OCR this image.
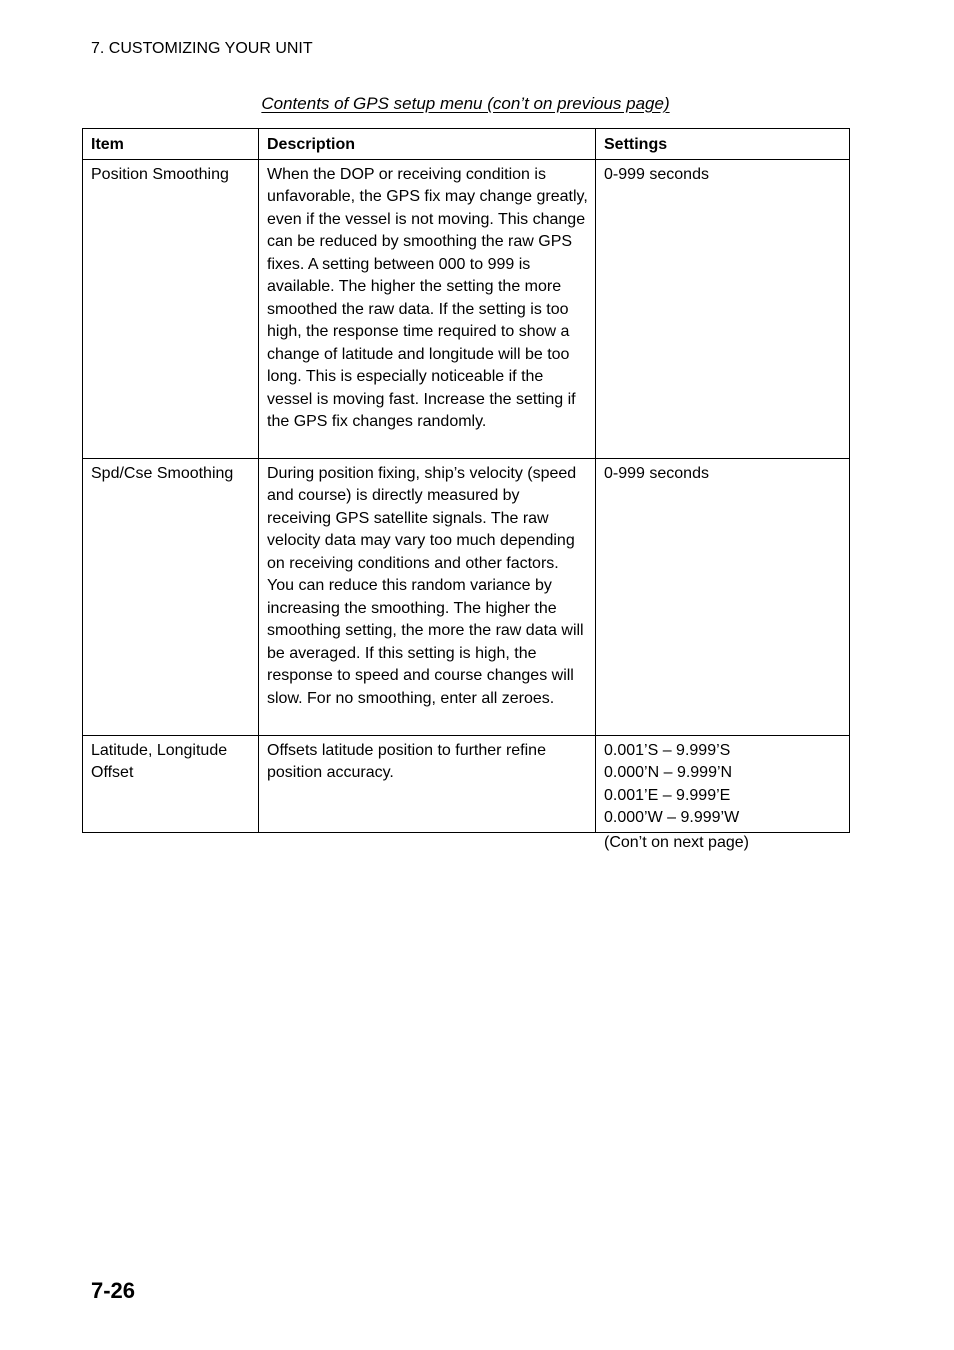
7. CUSTOMIZING YOUR UNIT
Contents of GPS setup menu (con’t on previous page)
Item	Description	Settings
Position Smoothing	When the DOP or receiving condition is unfavorable, the GPS fix may change greatly, even if the vessel is not moving. This change can be reduced by smoothing the raw GPS fixes. A setting between 000 to 999 is available. The higher the setting the more smoothed the raw data. If the setting is too high, the response time required to show a change of latitude and longitude will be too long. This is especially noticeable if the vessel is moving fast. Increase the setting if the GPS fix changes randomly.	0-999 seconds

Spd/Cse Smoothing	During position fixing, ship’s velocity (speed and course) is directly measured by receiving GPS satellite signals. The raw velocity data may vary too much depending on receiving conditions and other factors. You can reduce this random variance by increasing the smoothing. The higher the smoothing setting, the more the raw data will be averaged. If this setting is high, the response to speed and course changes will slow. For no smoothing, enter all zeroes.	0-999 seconds

Latitude, Longitude Offset	Offsets latitude position to further refine position accuracy.	0.001’S – 9.999’S
0.000’N – 9.999’N
0.001’E – 9.999’E
0.000’W – 9.999’W
(Con’t on next page)
7-26
